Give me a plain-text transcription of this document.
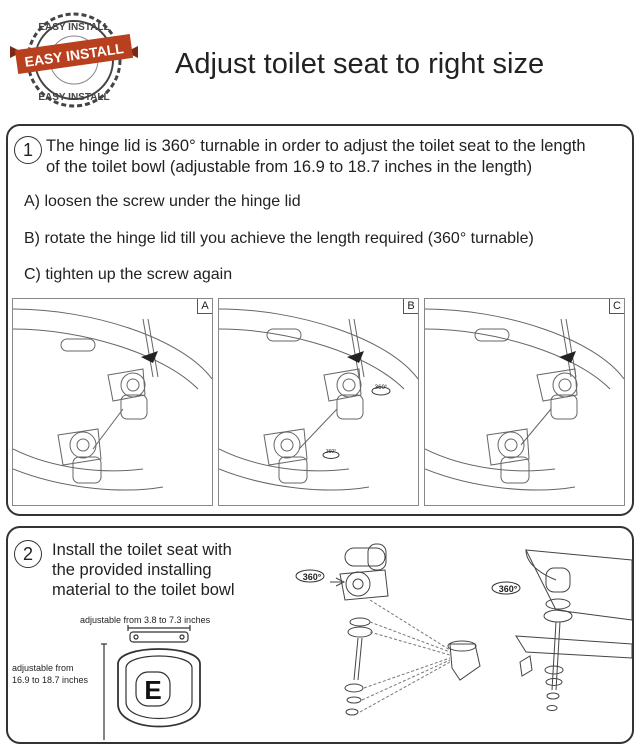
EASY INSTALL
EASY INSTALL
EASY INSTALL Adjust toilet seat to right size
1 The hinge lid is 360° turnable in order to adjust the toilet seat to the length
of the toilet bowl (adjustable from 16.9 to 18.7 inches in the length)
A) loosen the screw under the hinge lid
B) rotate the hinge lid till you achieve the length required (360° turnable)
C) tighten up the screw again
A
360°
360°
B	C
2	Install the toilet seat with
the provided installing
material to the toilet bowl
adjustable from 3.8 to 7.3 inches
adjustable from
16.9 to 18.7 inches E
360°
360°
